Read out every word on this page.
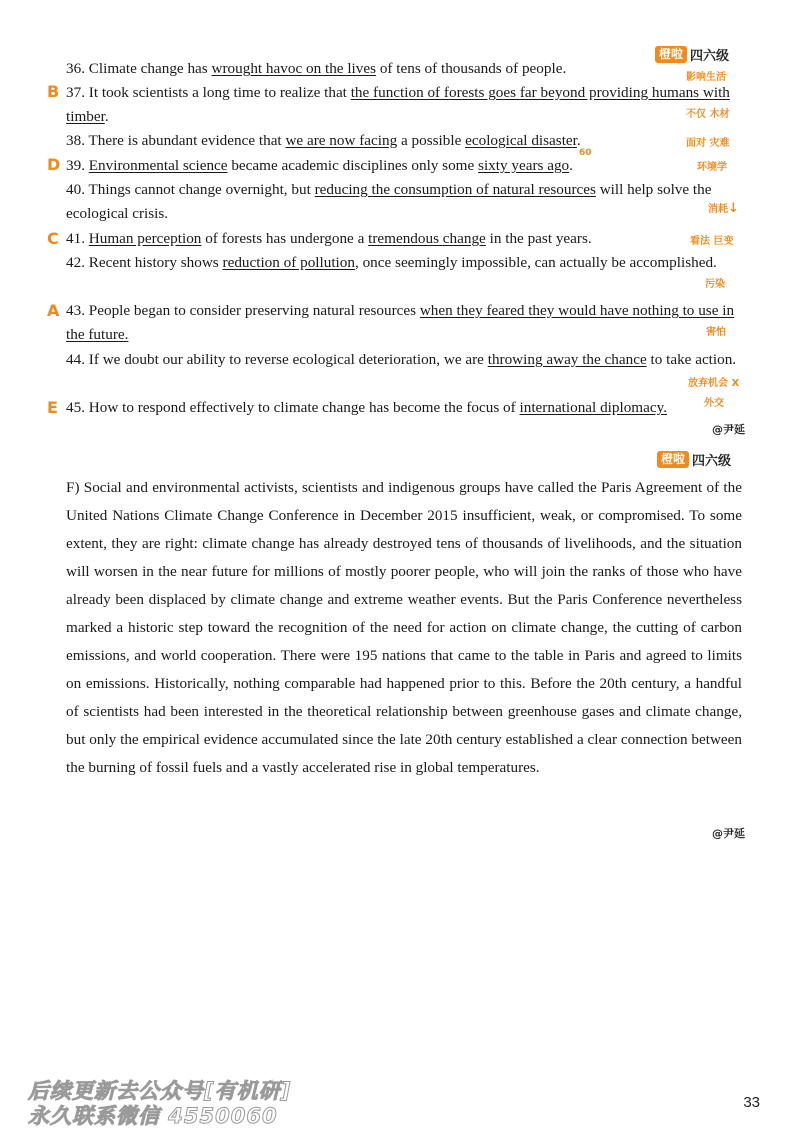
橙啦 四六级
36. Climate change has wrought havoc on the lives of tens of thousands of people.
影响生活
B 37. It took scientists a long time to realize that the function of forests goes far beyond providing humans with timber.	不仅 木材
38. There is abundant evidence that we are now facing a possible ecological disaster.	面对 灾难
D 39. Environmental science became academic disciplines only some sixty years ago.
60
环境学
40. Things cannot change overnight, but reducing the consumption of natural resources will help solve the ecological crisis.	消耗↓
C 41. Human perception of forests has undergone a tremendous change in the past years.	看法 巨变
42. Recent history shows reduction of pollution, once seemingly impossible, can actually be accomplished.
污染
A 43. People began to consider preserving natural resources when they feared they would have nothing to use in the future.	害怕
44. If we doubt our ability to reverse ecological deterioration, we are throwing away the chance to take action.
放弃机会 X
E 45. How to respond effectively to climate change has become the focus of international diplomacy.	外交
@尹延
橙啦 四六级
F) Social and environmental activists, scientists and indigenous groups have called the Paris Agreement of the United Nations Climate Change Conference in December 2015 insufficient, weak, or compromised. To some extent, they are right: climate change has already destroyed tens of thousands of livelihoods, and the situation will worsen in the near future for millions of mostly poorer people, who will join the ranks of those who have already been displaced by climate change and extreme weather events. But the Paris Conference nevertheless marked a historic step toward the recognition of the need for action on climate change, the cutting of carbon emissions, and world cooperation. There were 195 nations that came to the table in Paris and agreed to limits on emissions. Historically, nothing comparable had happened prior to this. Before the 20th century, a handful of scientists had been interested in the theoretical relationship between greenhouse gases and climate change, but only the empirical evidence accumulated since the late 20th century established a clear connection between the burning of fossil fuels and a vastly accelerated rise in global temperatures.
@尹延
后续更新去公众号[有机研]
永久联系微信 4550060
33
